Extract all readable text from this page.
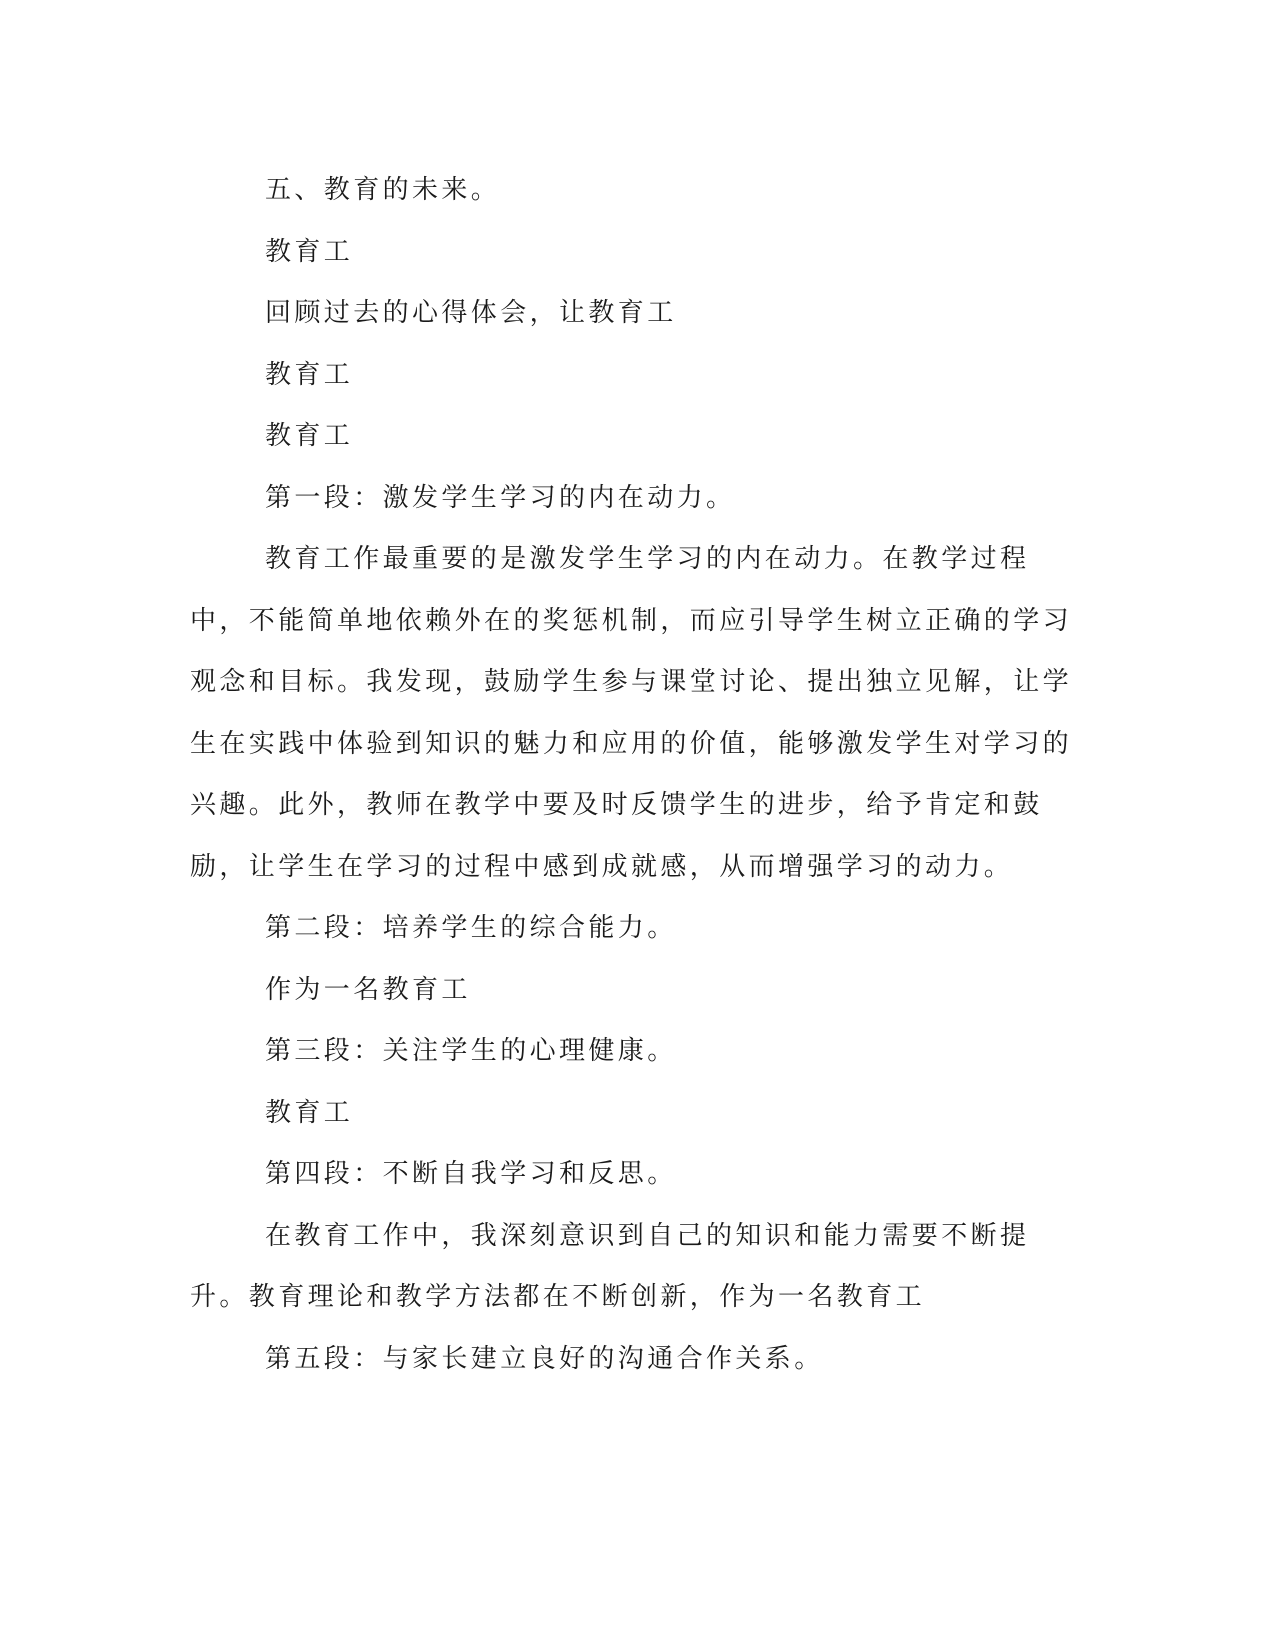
五、教育的未来。

教育工

回顾过去的心得体会，让教育工

教育工

教育工

第一段：激发学生学习的内在动力。

教育工作最重要的是激发学生学习的内在动力。在教学过程中，不能简单地依赖外在的奖惩机制，而应引导学生树立正确的学习观念和目标。我发现，鼓励学生参与课堂讨论、提出独立见解，让学生在实践中体验到知识的魅力和应用的价值，能够激发学生对学习的兴趣。此外，教师在教学中要及时反馈学生的进步，给予肯定和鼓励，让学生在学习的过程中感到成就感，从而增强学习的动力。

第二段：培养学生的综合能力。

作为一名教育工

第三段：关注学生的心理健康。

教育工

第四段：不断自我学习和反思。

在教育工作中，我深刻意识到自己的知识和能力需要不断提升。教育理论和教学方法都在不断创新，作为一名教育工

第五段：与家长建立良好的沟通合作关系。
